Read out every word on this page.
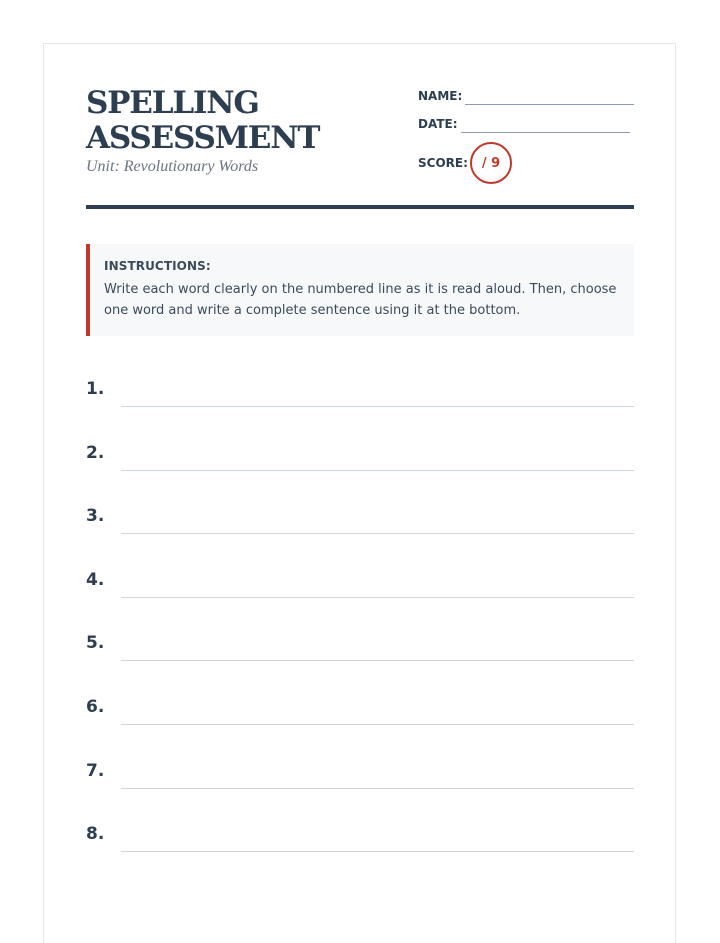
SPELLING
ASSESSMENT
Unit: Revolutionary Words
NAME:
DATE:
SCORE: / 9
INSTRUCTIONS:
Write each word clearly on the numbered line as it is read aloud. Then, choose one word and write a complete sentence using it at the bottom.
1.
2.
3.
4.
5.
6.
7.
8.
